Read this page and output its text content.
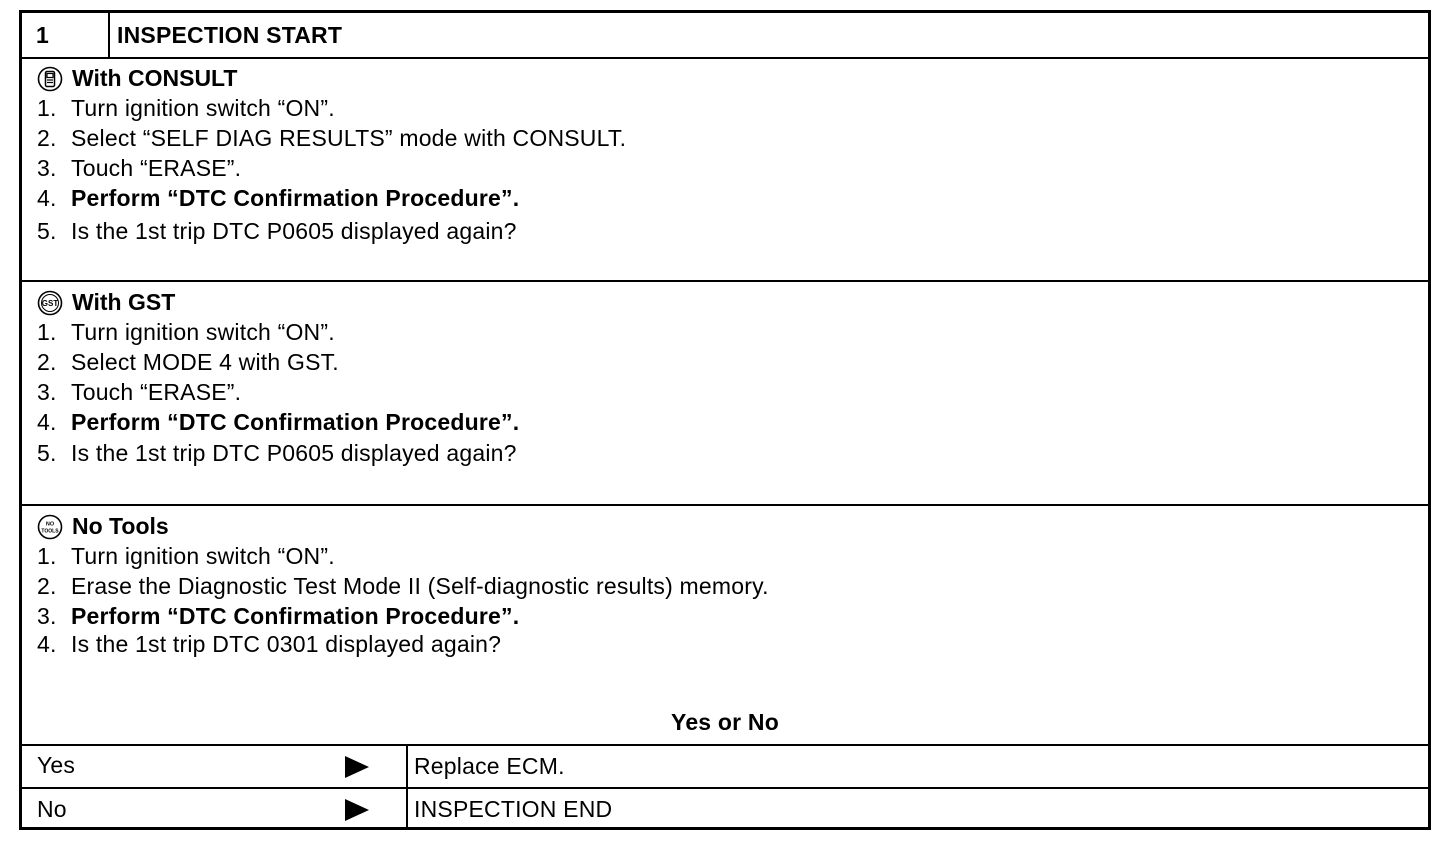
1	INSPECTION START
With CONSULT
1. Turn ignition switch “ON”.
2. Select “SELF DIAG RESULTS” mode with CONSULT.
3. Touch “ERASE”.
4. Perform “DTC Confirmation Procedure”.
5. Is the 1st trip DTC P0605 displayed again?
GST With GST
1. Turn ignition switch “ON”.
2. Select MODE 4 with GST.
3. Touch “ERASE”.
4. Perform “DTC Confirmation Procedure”.
5. Is the 1st trip DTC P0605 displayed again?
NO
TOOLS No Tools
1. Turn ignition switch “ON”.
2. Erase the Diagnostic Test Mode II (Self-diagnostic results) memory.
3. Perform “DTC Confirmation Procedure”.
4. Is the 1st trip DTC 0301 displayed again?
Yes or No
Yes	Replace ECM.
No	INSPECTION END
